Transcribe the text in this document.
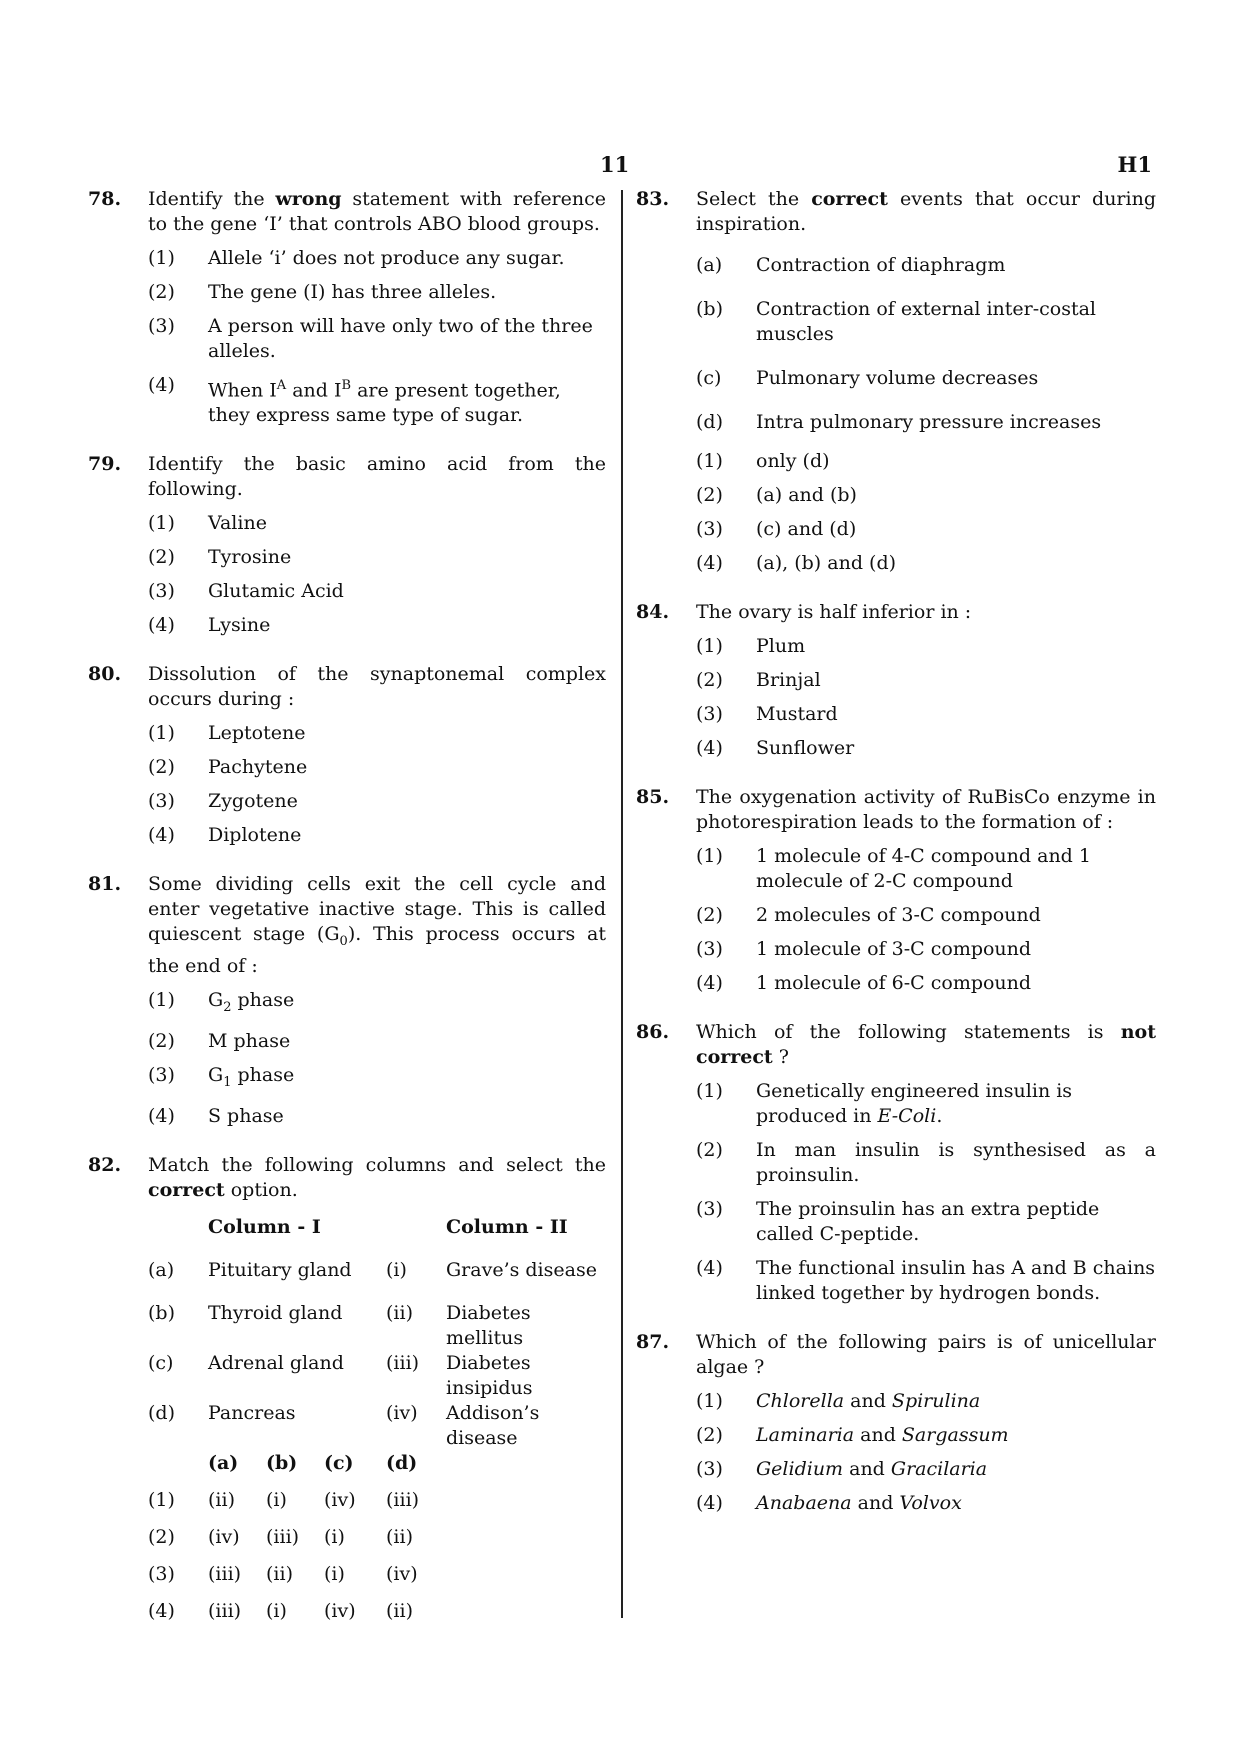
11	H1
78.	Identify the wrong statement with reference to the gene ‘I’ that controls ABO blood groups.
(1)	Allele ‘i’ does not produce any sugar.
(2)	The gene (I) has three alleles.
(3)	A person will have only two of the three alleles.
(4)	When $I^A$ and $I^B$ are present together, they express same type of sugar.
79.	Identify the basic amino acid from the following.
(1)	Valine
(2)	Tyrosine
(3)	Glutamic Acid
(4)	Lysine
80.	Dissolution of the synaptonemal complex occurs during :
(1)	Leptotene
(2)	Pachytene
(3)	Zygotene
(4)	Diplotene
81.	Some dividing cells exit the cell cycle and enter vegetative inactive stage. This is called quiescent stage $(G_0)$. This process occurs at the end of :
(1)	$G_2$ phase
(2)	M phase
(3)	$G_1$ phase
(4)	S phase
82.	Match the following columns and select the correct option.
	Column - I		Column - II
(a)	Pituitary gland	(i)	Grave’s disease
(b)	Thyroid gland	(ii)	Diabetes mellitus
(c)	Adrenal gland	(iii)	Diabetes insipidus
(d)	Pancreas	(iv)	Addison’s disease
	(a)	(b)	(c)	(d)
(1)	(ii)	(i)	(iv)	(iii)
(2)	(iv)	(iii)	(i)	(ii)
(3)	(iii)	(ii)	(i)	(iv)
(4)	(iii)	(i)	(iv)	(ii)
83.	Select the correct events that occur during inspiration.
(a)	Contraction of diaphragm
(b)	Contraction of external inter-costal muscles
(c)	Pulmonary volume decreases
(d)	Intra pulmonary pressure increases
(1)	only (d)
(2)	(a) and (b)
(3)	(c) and (d)
(4)	(a), (b) and (d)
84.	The ovary is half inferior in :
(1)	Plum
(2)	Brinjal
(3)	Mustard
(4)	Sunflower
85.	The oxygenation activity of RuBisCo enzyme in photorespiration leads to the formation of :
(1)	1 molecule of 4-C compound and 1 molecule of 2-C compound
(2)	2 molecules of 3-C compound
(3)	1 molecule of 3-C compound
(4)	1 molecule of 6-C compound
86.	Which of the following statements is not correct ?
(1)	Genetically engineered insulin is produced in E-Coli.
(2)	In man insulin is synthesised as a proinsulin.
(3)	The proinsulin has an extra peptide called C-peptide.
(4)	The functional insulin has A and B chains linked together by hydrogen bonds.
87.	Which of the following pairs is of unicellular algae ?
(1)	Chlorella and Spirulina
(2)	Laminaria and Sargassum
(3)	Gelidium and Gracilaria
(4)	Anabaena and Volvox
